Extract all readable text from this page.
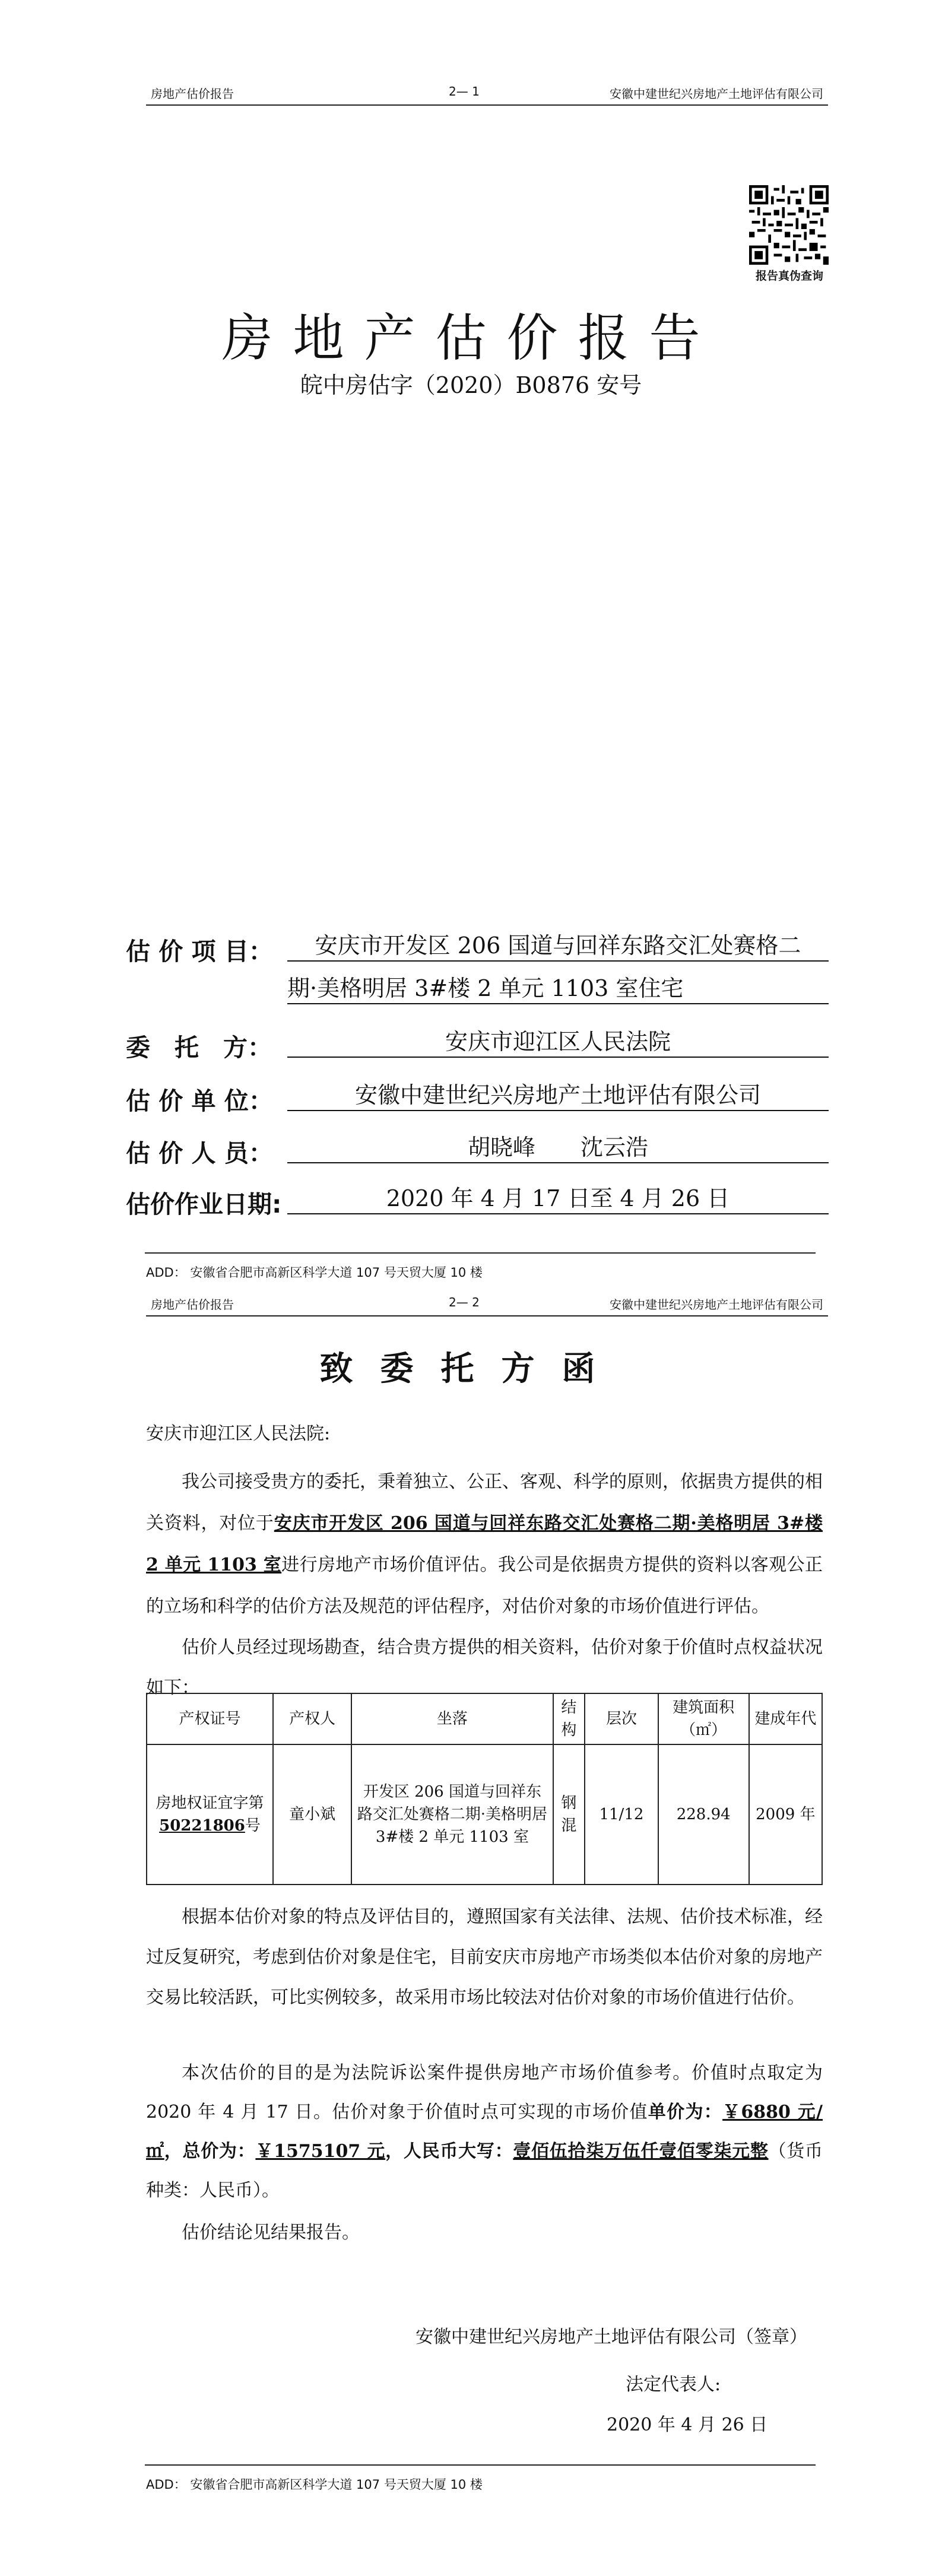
房地产估价报告	2— 1	安徽中建世纪兴房地产土地评估有限公司
报告真伪查询
房地产估价报告
皖中房估字（2020）B0876 安号
估 价 项 目：	安庆市开发区 206 国道与回祥东路交汇处赛格二
期·美格明居 3#楼 2 单元 1103 室住宅
委　托　方：	安庆市迎江区人民法院
估 价 单 位：	安徽中建世纪兴房地产土地评估有限公司
估 价 人 员：	胡晓峰　　沈云浩
估价作业日期:	2020 年 4 月 17 日至 4 月 26 日
ADD： 安徽省合肥市高新区科学大道 107 号天贸大厦 10 楼
房地产估价报告	2— 2	安徽中建世纪兴房地产土地评估有限公司
致委托方函
安庆市迎江区人民法院:
我公司接受贵方的委托，秉着独立、公正、客观、科学的原则，依据贵方提供的相关资料，对位于安庆市开发区 206 国道与回祥东路交汇处赛格二期·美格明居 3#楼 2 单元 1103 室进行房地产市场价值评估。我公司是依据贵方提供的资料以客观公正的立场和科学的估价方法及规范的评估程序，对估价对象的市场价值进行评估。
估价人员经过现场勘查，结合贵方提供的相关资料，估价对象于价值时点权益状况如下：
产权证号	产权人	坐落	结构	层次	建筑面积（㎡）	建成年代
房地权证宜字第50221806号	童小斌	开发区 206 国道与回祥东路交汇处赛格二期·美格明居 3#楼 2 单元 1103 室	钢混	11/12	228.94	2009 年
根据本估价对象的特点及评估目的，遵照国家有关法律、法规、估价技术标准，经过反复研究，考虑到估价对象是住宅，目前安庆市房地产市场类似本估价对象的房地产交易比较活跃，可比实例较多，故采用市场比较法对估价对象的市场价值进行估价。
本次估价的目的是为法院诉讼案件提供房地产市场价值参考。价值时点取定为 2020 年 4 月 17 日。估价对象于价值时点可实现的市场价值单价为：￥6880 元/㎡，总价为：￥1575107 元，人民币大写：壹佰伍拾柒万伍仟壹佰零柒元整（货币种类：人民币）。
估价结论见结果报告。
安徽中建世纪兴房地产土地评估有限公司（签章）
法定代表人:
2020 年 4 月 26 日
ADD： 安徽省合肥市高新区科学大道 107 号天贸大厦 10 楼
